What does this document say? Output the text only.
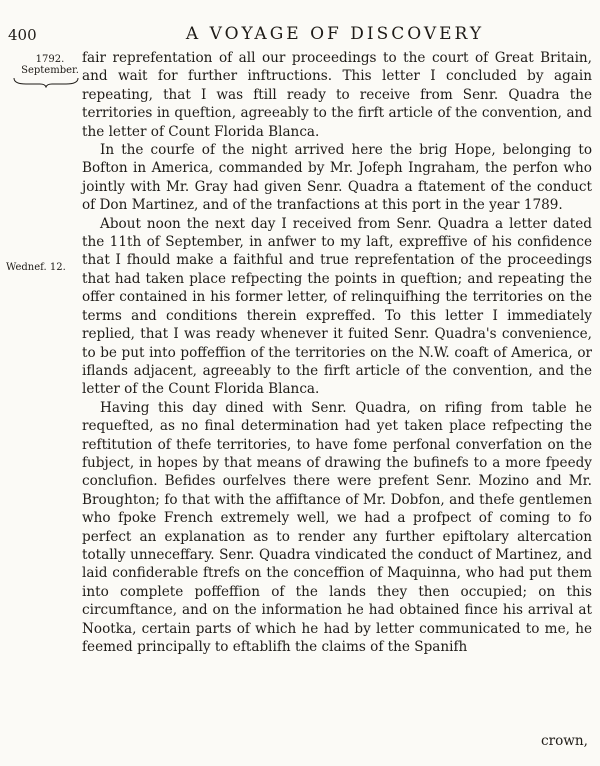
400	A VOYAGE OF DISCOVERY
1792.
September.
Wednef. 12.

fair reprefentation of all our proceedings to the court of Great Britain, and wait for further inftructions. This letter I concluded by again repeating, that I was ftill ready to receive from Senr. Quadra the territories in queftion, agreeably to the firft article of the convention, and the letter of Count Florida Blanca.

In the courfe of the night arrived here the brig Hope, belonging to Bofton in America, commanded by Mr. Jofeph Ingraham, the perfon who jointly with Mr. Gray had given Senr. Quadra a ftatement of the conduct of Don Martinez, and of the tranfactions at this port in the year 1789.

About noon the next day I received from Senr. Quadra a letter dated the 11th of September, in anfwer to my laft, expreffive of his confidence that I fhould make a faithful and true reprefentation of the proceedings that had taken place refpecting the points in queftion; and repeating the offer contained in his former letter, of relinquifhing the territories on the terms and conditions therein expreffed. To this letter I immediately replied, that I was ready whenever it fuited Senr. Quadra's convenience, to be put into poffeffion of the territories on the N.W. coaft of America, or iflands adjacent, agreeably to the firft article of the convention, and the letter of the Count Florida Blanca.

Having this day dined with Senr. Quadra, on rifing from table he requefted, as no final determination had yet taken place refpecting the reftitution of thefe territories, to have fome perfonal converfation on the fubject, in hopes by that means of drawing the bufinefs to a more fpeedy conclufion. Befides ourfelves there were prefent Senr. Mozino and Mr. Broughton; fo that with the affiftance of Mr. Dobfon, and thefe gentlemen who fpoke French extremely well, we had a profpect of coming to fo perfect an explanation as to render any further epiftolary altercation totally unneceffary. Senr. Quadra vindicated the conduct of Martinez, and laid confiderable ftrefs on the conceffion of Maquinna, who had put them into complete poffeffion of the lands they then occupied; on this circumftance, and on the information he had obtained fince his arrival at Nootka, certain parts of which he had by letter communicated to me, he feemed principally to eftablifh the claims of the Spanifh

crown,
